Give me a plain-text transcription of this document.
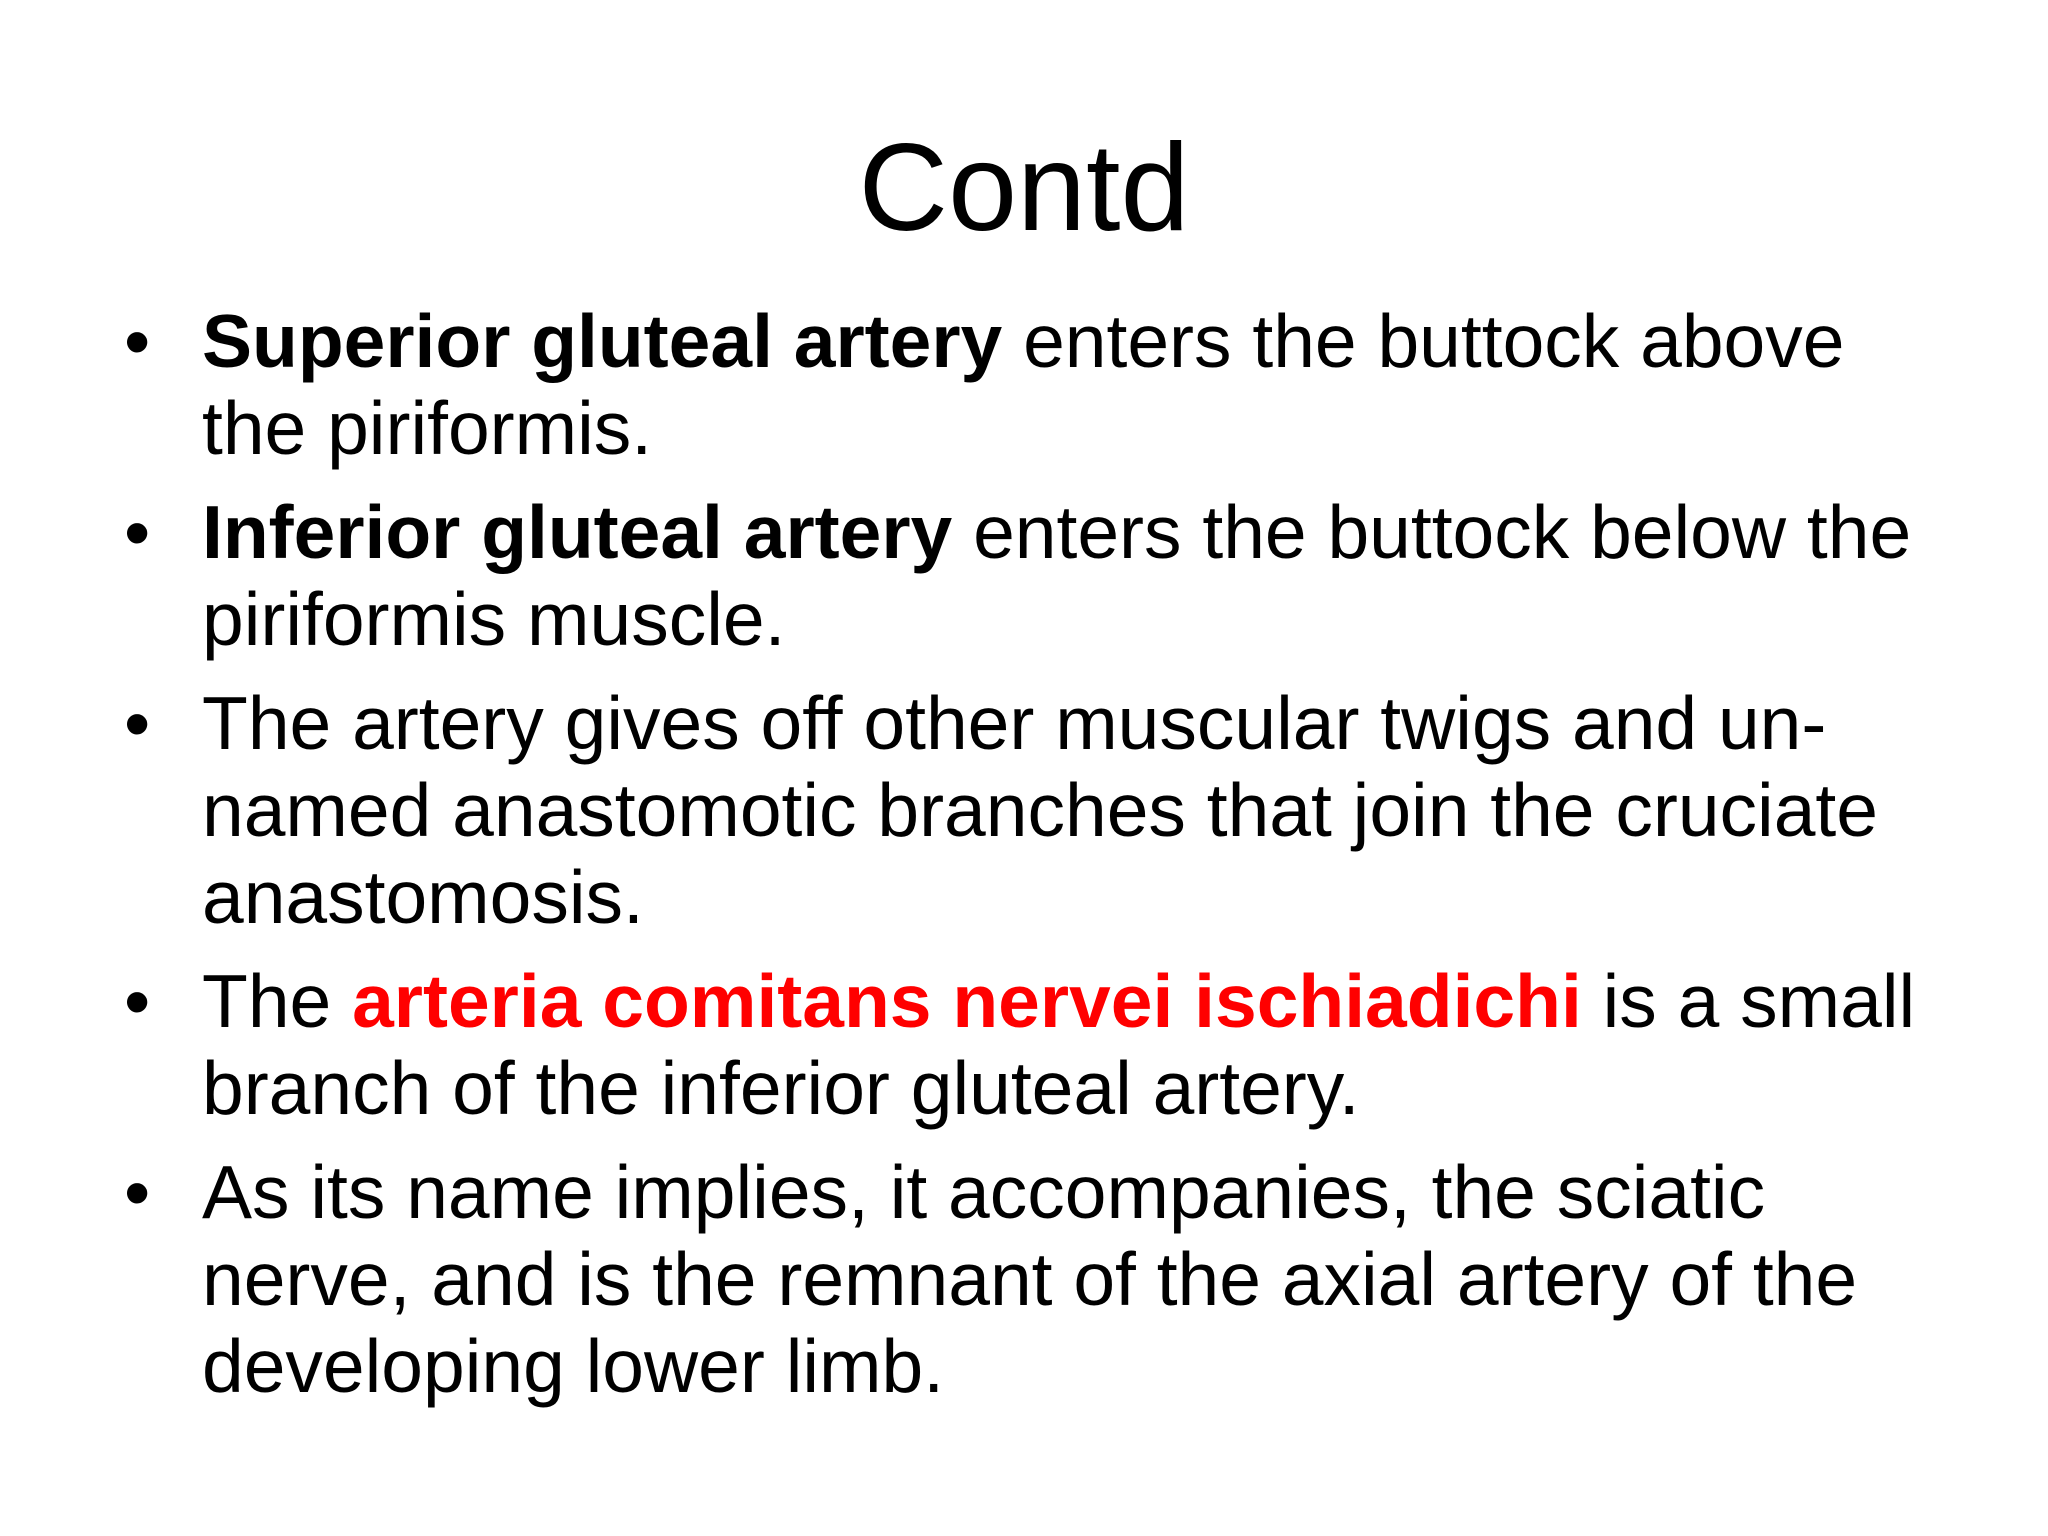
Contd
• Superior gluteal artery enters the buttock above the piriformis.
• Inferior gluteal artery enters the buttock below the piriformis muscle.
• The artery gives off other muscular twigs and un-named anastomotic branches that join the cruciate anastomosis.
• The arteria comitans nervei ischiadichi is a small branch of the inferior gluteal artery.
• As its name implies, it accompanies, the sciatic nerve, and is the remnant of the axial artery of the developing lower limb.
